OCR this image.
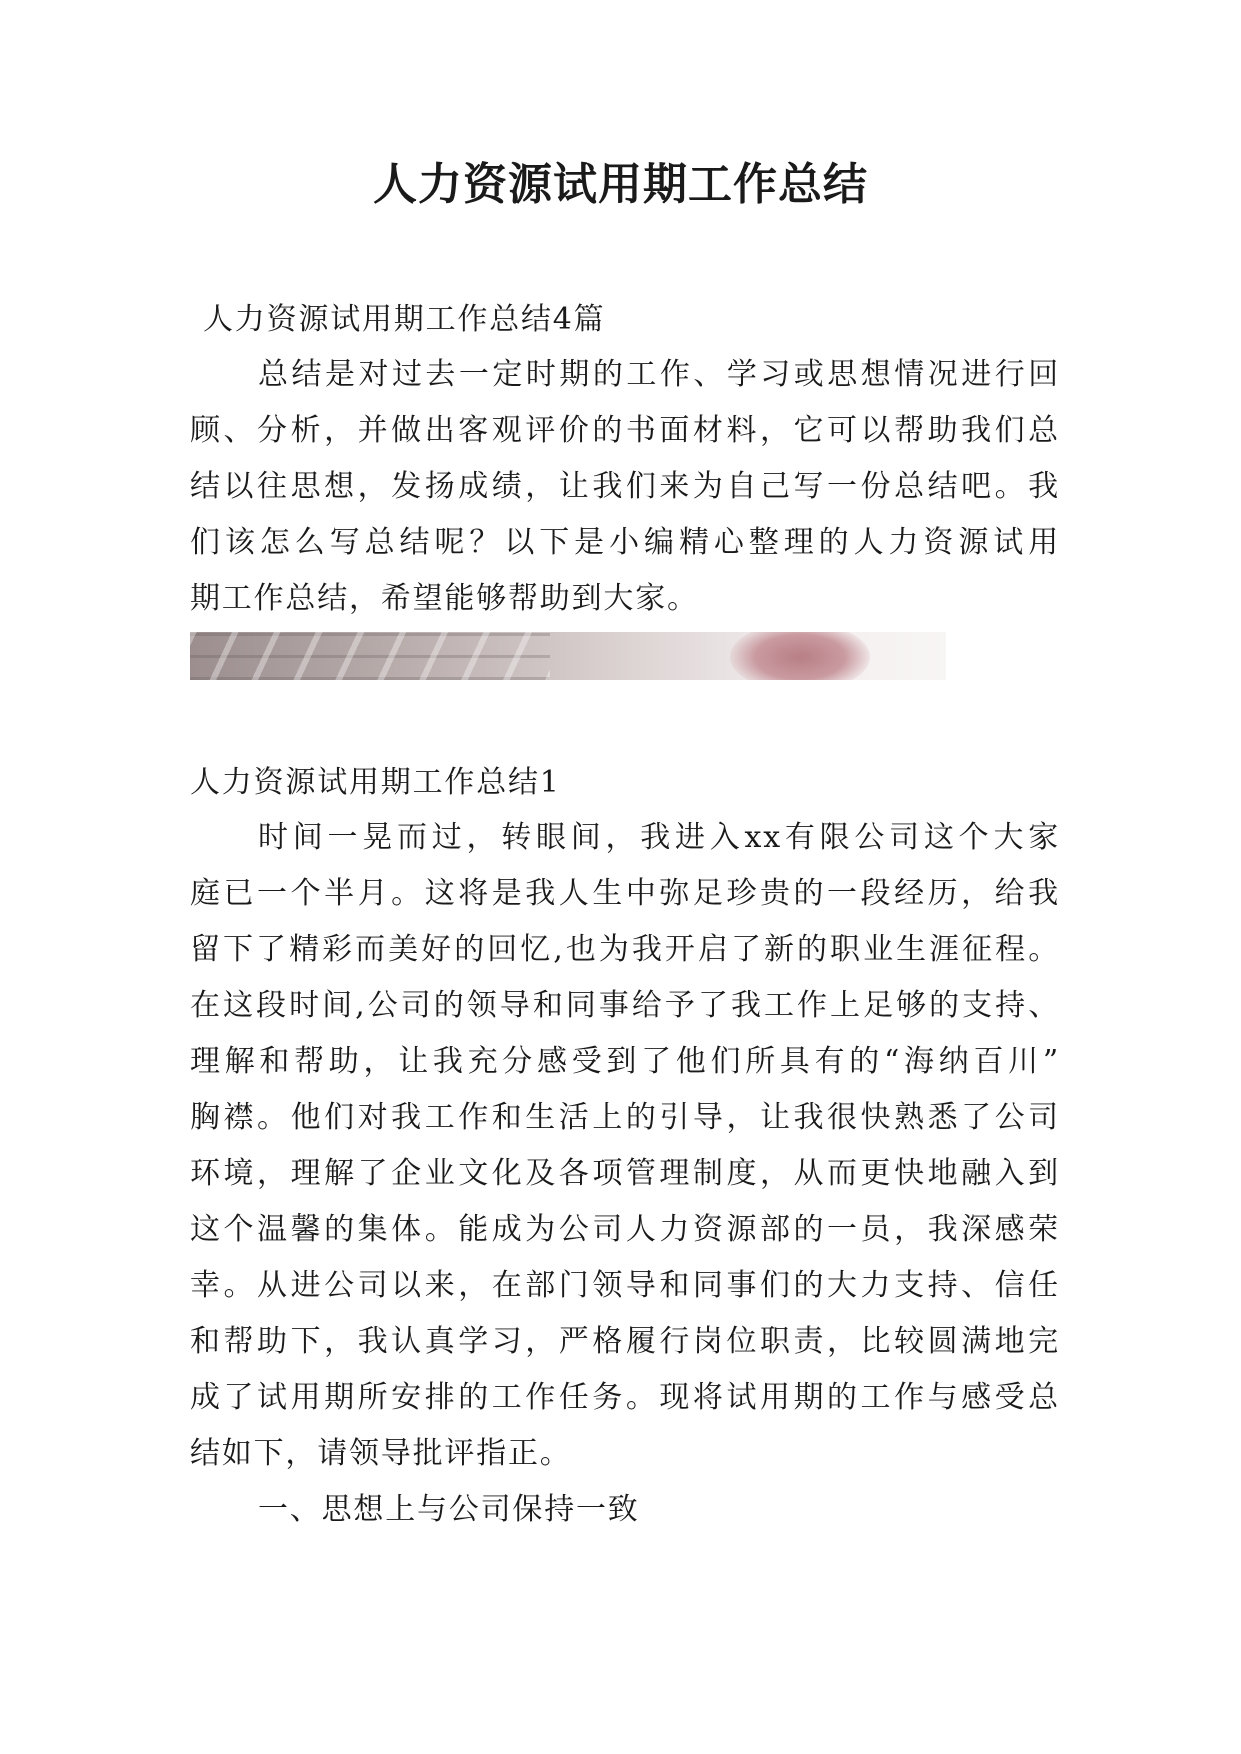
人力资源试用期工作总结
人力资源试用期工作总结4篇
总结是对过去一定时期的工作、学习或思想情况进行回
顾、分析，并做出客观评价的书面材料，它可以帮助我们总
结以往思想，发扬成绩，让我们来为自己写一份总结吧。我
们该怎么写总结呢？以下是小编精心整理的人力资源试用
期工作总结，希望能够帮助到大家。
人力资源试用期工作总结1
时间一晃而过，转眼间，我进入xx有限公司这个大家
庭已一个半月。这将是我人生中弥足珍贵的一段经历，给我
留下了精彩而美好的回忆,也为我开启了新的职业生涯征程。
在这段时间,公司的领导和同事给予了我工作上足够的支持、
理解和帮助，让我充分感受到了他们所具有的“海纳百川”
胸襟。他们对我工作和生活上的引导，让我很快熟悉了公司
环境，理解了企业文化及各项管理制度，从而更快地融入到
这个温馨的集体。能成为公司人力资源部的一员，我深感荣
幸。从进公司以来，在部门领导和同事们的大力支持、信任
和帮助下，我认真学习，严格履行岗位职责，比较圆满地完
成了试用期所安排的工作任务。现将试用期的工作与感受总
结如下，请领导批评指正。
一、思想上与公司保持一致
